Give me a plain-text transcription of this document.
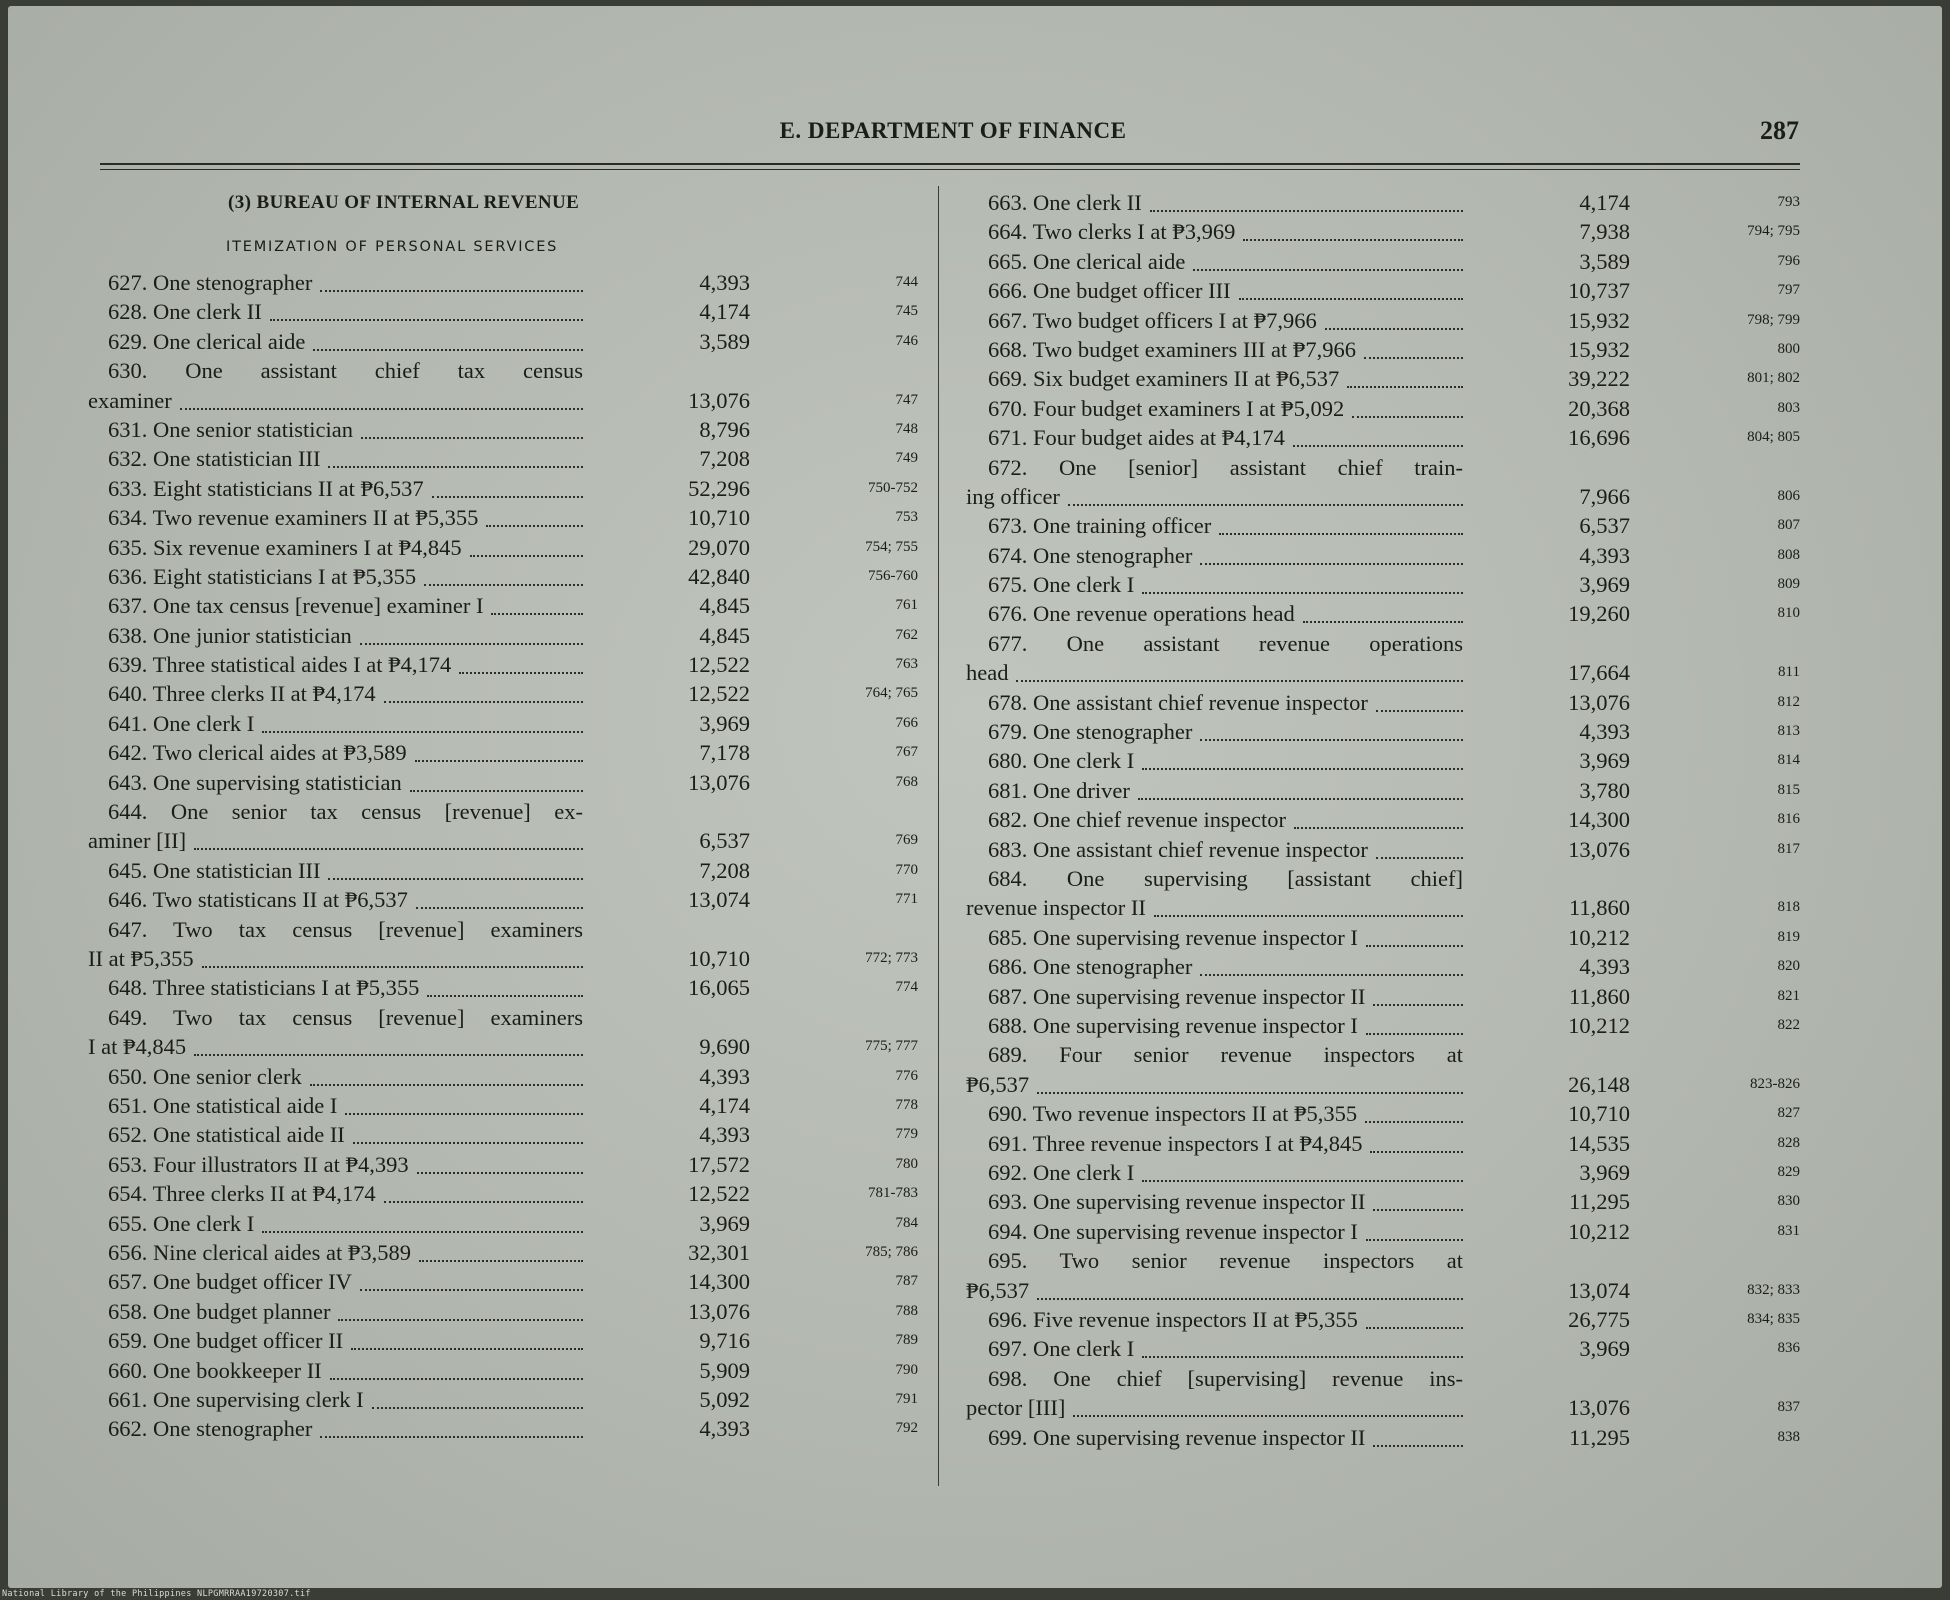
E. DEPARTMENT OF FINANCE	287
(3) BUREAU OF INTERNAL REVENUE
ITEMIZATION OF PERSONAL SERVICES
627. One stenographer	4,393	744
628. One clerk II	4,174	745
629. One clerical aide	3,589	746
630. One assistant chief tax census
examiner	13,076	747
631. One senior statistician	8,796	748
632. One statistician III	7,208	749
633. Eight statisticians II at ₱6,537	52,296	750-752
634. Two revenue examiners II at ₱5,355	10,710	753
635. Six revenue examiners I at ₱4,845	29,070	754; 755
636. Eight statisticians I at ₱5,355	42,840	756-760
637. One tax census [revenue] examiner I	4,845	761
638. One junior statistician	4,845	762
639. Three statistical aides I at ₱4,174	12,522	763
640. Three clerks II at ₱4,174	12,522	764; 765
641. One clerk I	3,969	766
642. Two clerical aides at ₱3,589	7,178	767
643. One supervising statistician	13,076	768
644. One senior tax census [revenue] ex-
aminer [II]	6,537	769
645. One statistician III	7,208	770
646. Two statisticans II at ₱6,537	13,074	771
647. Two tax census [revenue] examiners
II at ₱5,355	10,710	772; 773
648. Three statisticians I at ₱5,355	16,065	774
649. Two tax census [revenue] examiners
I at ₱4,845	9,690	775; 777
650. One senior clerk	4,393	776
651. One statistical aide I	4,174	778
652. One statistical aide II	4,393	779
653. Four illustrators II at ₱4,393	17,572	780
654. Three clerks II at ₱4,174	12,522	781-783
655. One clerk I	3,969	784
656. Nine clerical aides at ₱3,589	32,301	785; 786
657. One budget officer IV	14,300	787
658. One budget planner	13,076	788
659. One budget officer II	9,716	789
660. One bookkeeper II	5,909	790
661. One supervising clerk I	5,092	791
662. One stenographer	4,393	792
663. One clerk II	4,174	793
664. Two clerks I at ₱3,969	7,938	794; 795
665. One clerical aide	3,589	796
666. One budget officer III	10,737	797
667. Two budget officers I at ₱7,966	15,932	798; 799
668. Two budget examiners III at ₱7,966	15,932	800
669. Six budget examiners II at ₱6,537	39,222	801; 802
670. Four budget examiners I at ₱5,092	20,368	803
671. Four budget aides at ₱4,174	16,696	804; 805
672. One [senior] assistant chief train-
ing officer	7,966	806
673. One training officer	6,537	807
674. One stenographer	4,393	808
675. One clerk I	3,969	809
676. One revenue operations head	19,260	810
677. One assistant revenue operations
head	17,664	811
678. One assistant chief revenue inspector	13,076	812
679. One stenographer	4,393	813
680. One clerk I	3,969	814
681. One driver	3,780	815
682. One chief revenue inspector	14,300	816
683. One assistant chief revenue inspector	13,076	817
684. One supervising [assistant chief]
revenue inspector II	11,860	818
685. One supervising revenue inspector I	10,212	819
686. One stenographer	4,393	820
687. One supervising revenue inspector II	11,860	821
688. One supervising revenue inspector I	10,212	822
689. Four senior revenue inspectors at
₱6,537	26,148	823-826
690. Two revenue inspectors II at ₱5,355	10,710	827
691. Three revenue inspectors I at ₱4,845	14,535	828
692. One clerk I	3,969	829
693. One supervising revenue inspector II	11,295	830
694. One supervising revenue inspector I	10,212	831
695. Two senior revenue inspectors at
₱6,537	13,074	832; 833
696. Five revenue inspectors II at ₱5,355	26,775	834; 835
697. One clerk I	3,969	836
698. One chief [supervising] revenue ins-
pector [III]	13,076	837
699. One supervising revenue inspector II	11,295	838
National Library of the Philippines NLPGMRRAA19720307.tif
